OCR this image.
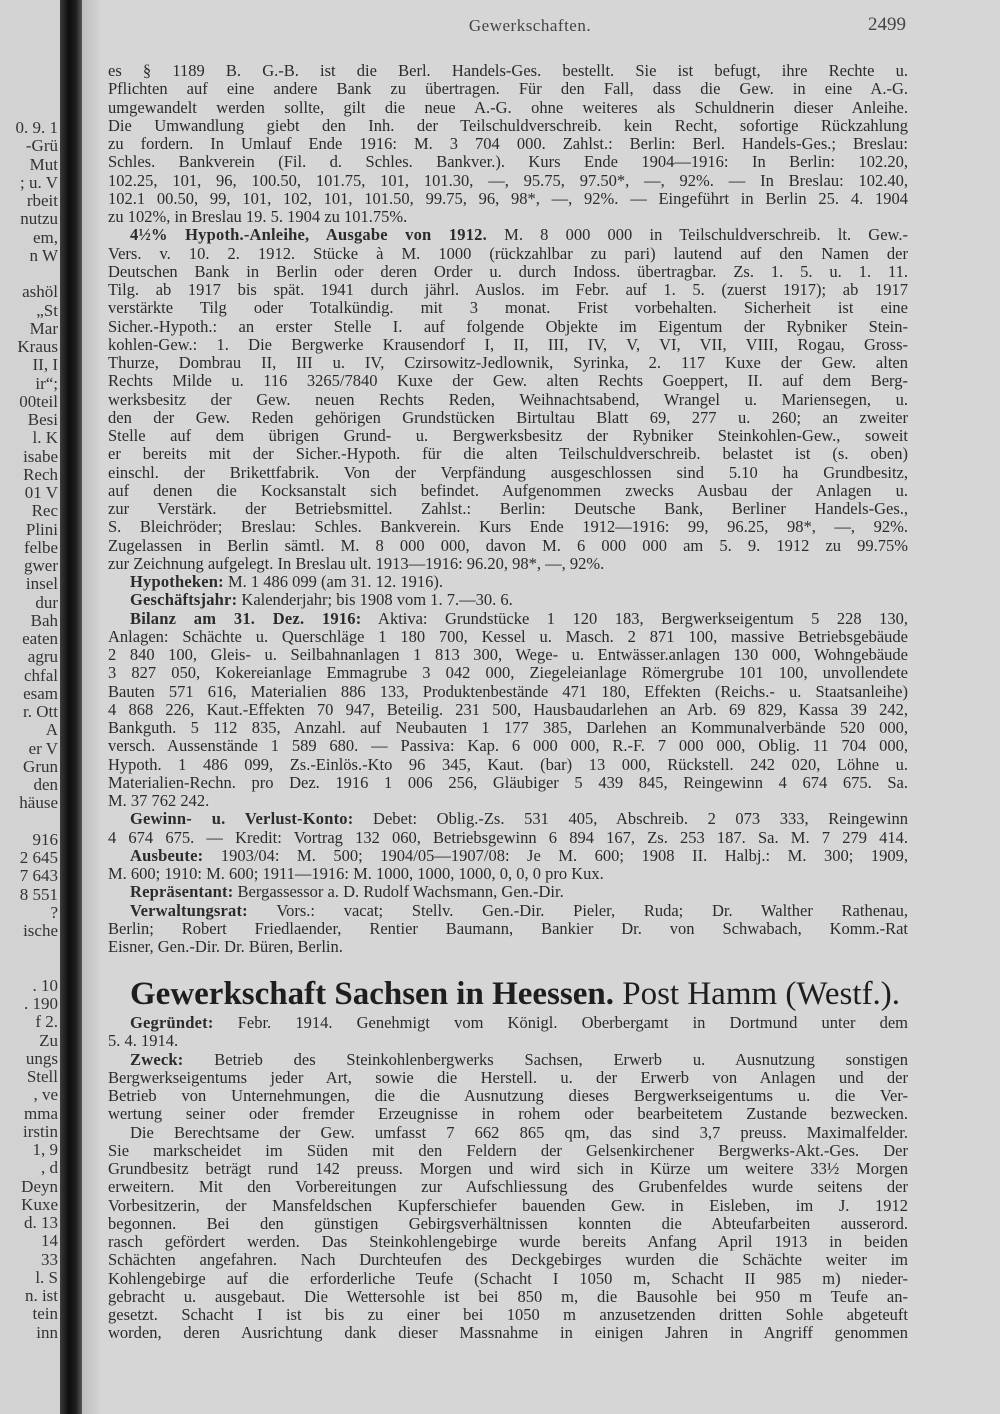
0. 9. 1
-Grü
Mut
; u. V
rbeit
nutzu
em,
n W
ashöl
„St
Mar
Kraus
II, I
ir“;
00teil
Besi
l. K
isabe
Rech
01 V
Rec
Plini
felbe
gwer
insel
dur
Bah
eaten
agru
chfal
esam
r. Ott
A
er V
Grun
den
häuse
916
2 645
7 643
8 551
?
ische
. 10
. 190
f 2.
Zu
ungs
Stell
, ve
mma
irstin
1, 9
, d
Deyn
Kuxe
d. 13
14
33
l. S
n. ist
tein
inn
Gewerkschaften.	2499
es § 1189 B. G.-B. ist die Berl. Handels-Ges. bestellt. Sie ist befugt, ihre Rechte u.
Pflichten auf eine andere Bank zu übertragen. Für den Fall, dass die Gew. in eine A.-G.
umgewandelt werden sollte, gilt die neue A.-G. ohne weiteres als Schuldnerin dieser Anleihe.
Die Umwandlung giebt den Inh. der Teilschuldverschreib. kein Recht, sofortige Rückzahlung
zu fordern. In Umlauf Ende 1916: M. 3 704 000. Zahlst.: Berlin: Berl. Handels-Ges.; Breslau:
Schles. Bankverein (Fil. d. Schles. Bankver.). Kurs Ende 1904—1916: In Berlin: 102.20,
102.25, 101, 96, 100.50, 101.75, 101, 101.30, —, 95.75, 97.50*, —, 92%. — In Breslau: 102.40,
102.1 00.50, 99, 101, 102, 101, 101.50, 99.75, 96, 98*, —, 92%. — Eingeführt in Berlin 25. 4. 1904
zu 102%, in Breslau 19. 5. 1904 zu 101.75%.
4½% Hypoth.-Anleihe, Ausgabe von 1912. M. 8 000 000 in Teilschuldverschreib. lt. Gew.-
Vers. v. 10. 2. 1912. Stücke à M. 1000 (rückzahlbar zu pari) lautend auf den Namen der
Deutschen Bank in Berlin oder deren Order u. durch Indoss. übertragbar. Zs. 1. 5. u. 1. 11.
Tilg. ab 1917 bis spät. 1941 durch jährl. Auslos. im Febr. auf 1. 5. (zuerst 1917); ab 1917
verstärkte Tilg oder Totalkündig. mit 3 monat. Frist vorbehalten. Sicherheit ist eine
Sicher.-Hypoth.: an erster Stelle I. auf folgende Objekte im Eigentum der Rybniker Stein-
kohlen-Gew.: 1. Die Bergwerke Krausendorf I, II, III, IV, V, VI, VII, VIII, Rogau, Gross-
Thurze, Dombrau II, III u. IV, Czirsowitz-Jedlownik, Syrinka, 2. 117 Kuxe der Gew. alten
Rechts Milde u. 116 3265/7840 Kuxe der Gew. alten Rechts Goeppert, II. auf dem Berg-
werksbesitz der Gew. neuen Rechts Reden, Weihnachtsabend, Wrangel u. Mariensegen, u.
den der Gew. Reden gehörigen Grundstücken Birtultau Blatt 69, 277 u. 260; an zweiter
Stelle auf dem übrigen Grund- u. Bergwerksbesitz der Rybniker Steinkohlen-Gew., soweit
er bereits mit der Sicher.-Hypoth. für die alten Teilschuldverschreib. belastet ist (s. oben)
einschl. der Brikettfabrik. Von der Verpfändung ausgeschlossen sind 5.10 ha Grundbesitz,
auf denen die Kocksanstalt sich befindet. Aufgenommen zwecks Ausbau der Anlagen u.
zur Verstärk. der Betriebsmittel. Zahlst.: Berlin: Deutsche Bank, Berliner Handels-Ges.,
S. Bleichröder; Breslau: Schles. Bankverein. Kurs Ende 1912—1916: 99, 96.25, 98*, —, 92%.
Zugelassen in Berlin sämtl. M. 8 000 000, davon M. 6 000 000 am 5. 9. 1912 zu 99.75%
zur Zeichnung aufgelegt. In Breslau ult. 1913—1916: 96.20, 98*, —, 92%.
Hypotheken: M. 1 486 099 (am 31. 12. 1916).
Geschäftsjahr: Kalenderjahr; bis 1908 vom 1. 7.—30. 6.
Bilanz am 31. Dez. 1916: Aktiva: Grundstücke 1 120 183, Bergwerkseigentum 5 228 130,
Anlagen: Schächte u. Querschläge 1 180 700, Kessel u. Masch. 2 871 100, massive Betriebsgebäude
2 840 100, Gleis- u. Seilbahnanlagen 1 813 300, Wege- u. Entwässer.anlagen 130 000, Wohngebäude
3 827 050, Kokereianlage Emmagrube 3 042 000, Ziegeleianlage Römergrube 101 100, unvollendete
Bauten 571 616, Materialien 886 133, Produktenbestände 471 180, Effekten (Reichs.- u. Staatsanleihe)
4 868 226, Kaut.-Effekten 70 947, Beteilig. 231 500, Hausbaudarlehen an Arb. 69 829, Kassa 39 242,
Bankguth. 5 112 835, Anzahl. auf Neubauten 1 177 385, Darlehen an Kommunalverbände 520 000,
versch. Aussenstände 1 589 680. — Passiva: Kap. 6 000 000, R.-F. 7 000 000, Oblig. 11 704 000,
Hypoth. 1 486 099, Zs.-Einlös.-Kto 96 345, Kaut. (bar) 13 000, Rückstell. 242 020, Löhne u.
Materialien-Rechn. pro Dez. 1916 1 006 256, Gläubiger 5 439 845, Reingewinn 4 674 675. Sa.
M. 37 762 242.
Gewinn- u. Verlust-Konto: Debet: Oblig.-Zs. 531 405, Abschreib. 2 073 333, Reingewinn
4 674 675. — Kredit: Vortrag 132 060, Betriebsgewinn 6 894 167, Zs. 253 187. Sa. M. 7 279 414.
Ausbeute: 1903/04: M. 500; 1904/05—1907/08: Je M. 600; 1908 II. Halbj.: M. 300; 1909,
M. 600; 1910: M. 600; 1911—1916: M. 1000, 1000, 1000, 0, 0, 0 pro Kux.
Repräsentant: Bergassessor a. D. Rudolf Wachsmann, Gen.-Dir.
Verwaltungsrat: Vors.: vacat; Stellv. Gen.-Dir. Pieler, Ruda; Dr. Walther Rathenau,
Berlin; Robert Friedlaender, Rentier Baumann, Bankier Dr. von Schwabach, Komm.-Rat
Eisner, Gen.-Dir. Dr. Büren, Berlin.
Gewerkschaft Sachsen in Heessen. Post Hamm (Westf.).
Gegründet: Febr. 1914. Genehmigt vom Königl. Oberbergamt in Dortmund unter dem
5. 4. 1914.
Zweck: Betrieb des Steinkohlenbergwerks Sachsen, Erwerb u. Ausnutzung sonstigen
Bergwerkseigentums jeder Art, sowie die Herstell. u. der Erwerb von Anlagen und der
Betrieb von Unternehmungen, die die Ausnutzung dieses Bergwerkseigentums u. die Ver-
wertung seiner oder fremder Erzeugnisse in rohem oder bearbeitetem Zustande bezwecken.
Die Berechtsame der Gew. umfasst 7 662 865 qm, das sind 3,7 preuss. Maximalfelder.
Sie markscheidet im Süden mit den Feldern der Gelsenkirchener Bergwerks-Akt.-Ges. Der
Grundbesitz beträgt rund 142 preuss. Morgen und wird sich in Kürze um weitere 33½ Morgen
erweitern. Mit den Vorbereitungen zur Aufschliessung des Grubenfeldes wurde seitens der
Vorbesitzerin, der Mansfeldschen Kupferschiefer bauenden Gew. in Eisleben, im J. 1912
begonnen. Bei den günstigen Gebirgsverhältnissen konnten die Abteufarbeiten ausserord.
rasch gefördert werden. Das Steinkohlengebirge wurde bereits Anfang April 1913 in beiden
Schächten angefahren. Nach Durchteufen des Deckgebirges wurden die Schächte weiter im
Kohlengebirge auf die erforderliche Teufe (Schacht I 1050 m, Schacht II 985 m) nieder-
gebracht u. ausgebaut. Die Wettersohle ist bei 850 m, die Bausohle bei 950 m Teufe an-
gesetzt. Schacht I ist bis zu einer bei 1050 m anzusetzenden dritten Sohle abgeteuft
worden, deren Ausrichtung dank dieser Massnahme in einigen Jahren in Angriff genommen
